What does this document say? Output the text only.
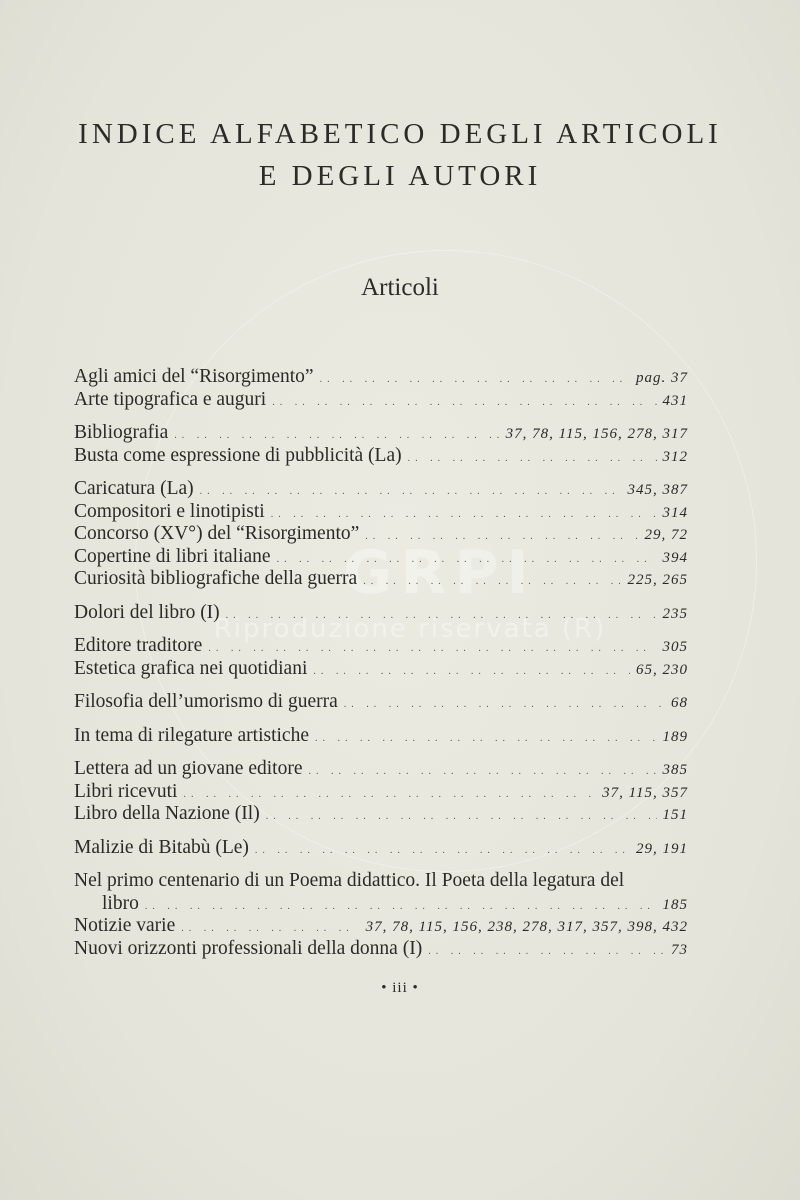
GRPI
Riproduzione riservata (R)
INDICE ALFABETICO DEGLI ARTICOLI
E DEGLI AUTORI
Articoli
Agli amici del “Risorgimento” .. ..	pag. 37
Arte tipografica e auguri .. ..	431
Bibliografia .. ..	37, 78, 115, 156, 278, 317
Busta come espressione di pubblicità (La) .. ..	312
Caricatura (La) .. ..	345, 387
Compositori e linotipisti .. ..	314
Concorso (XV°) del “Risorgimento” .. ..	29, 72
Copertine di libri italiane .. ..	394
Curiosità bibliografiche della guerra .. ..	225, 265
Dolori del libro (I) .. ..	235
Editore traditore .. ..	305
Estetica grafica nei quotidiani .. ..	65, 230
Filosofia dell’umorismo di guerra .. ..	68
In tema di rilegature artistiche .. ..	189
Lettera ad un giovane editore .. ..	385
Libri ricevuti .. ..	37, 115, 357
Libro della Nazione (Il) .. ..	151
Malizie di Bitabù (Le) .. ..	29, 191
Nel primo centenario di un Poema didattico. Il Poeta della legatura del
libro .. ..	185
Notizie varie .. ..	37, 78, 115, 156, 238, 278, 317, 357, 398, 432
Nuovi orizzonti professionali della donna (I) .. ..	73
• iii •
